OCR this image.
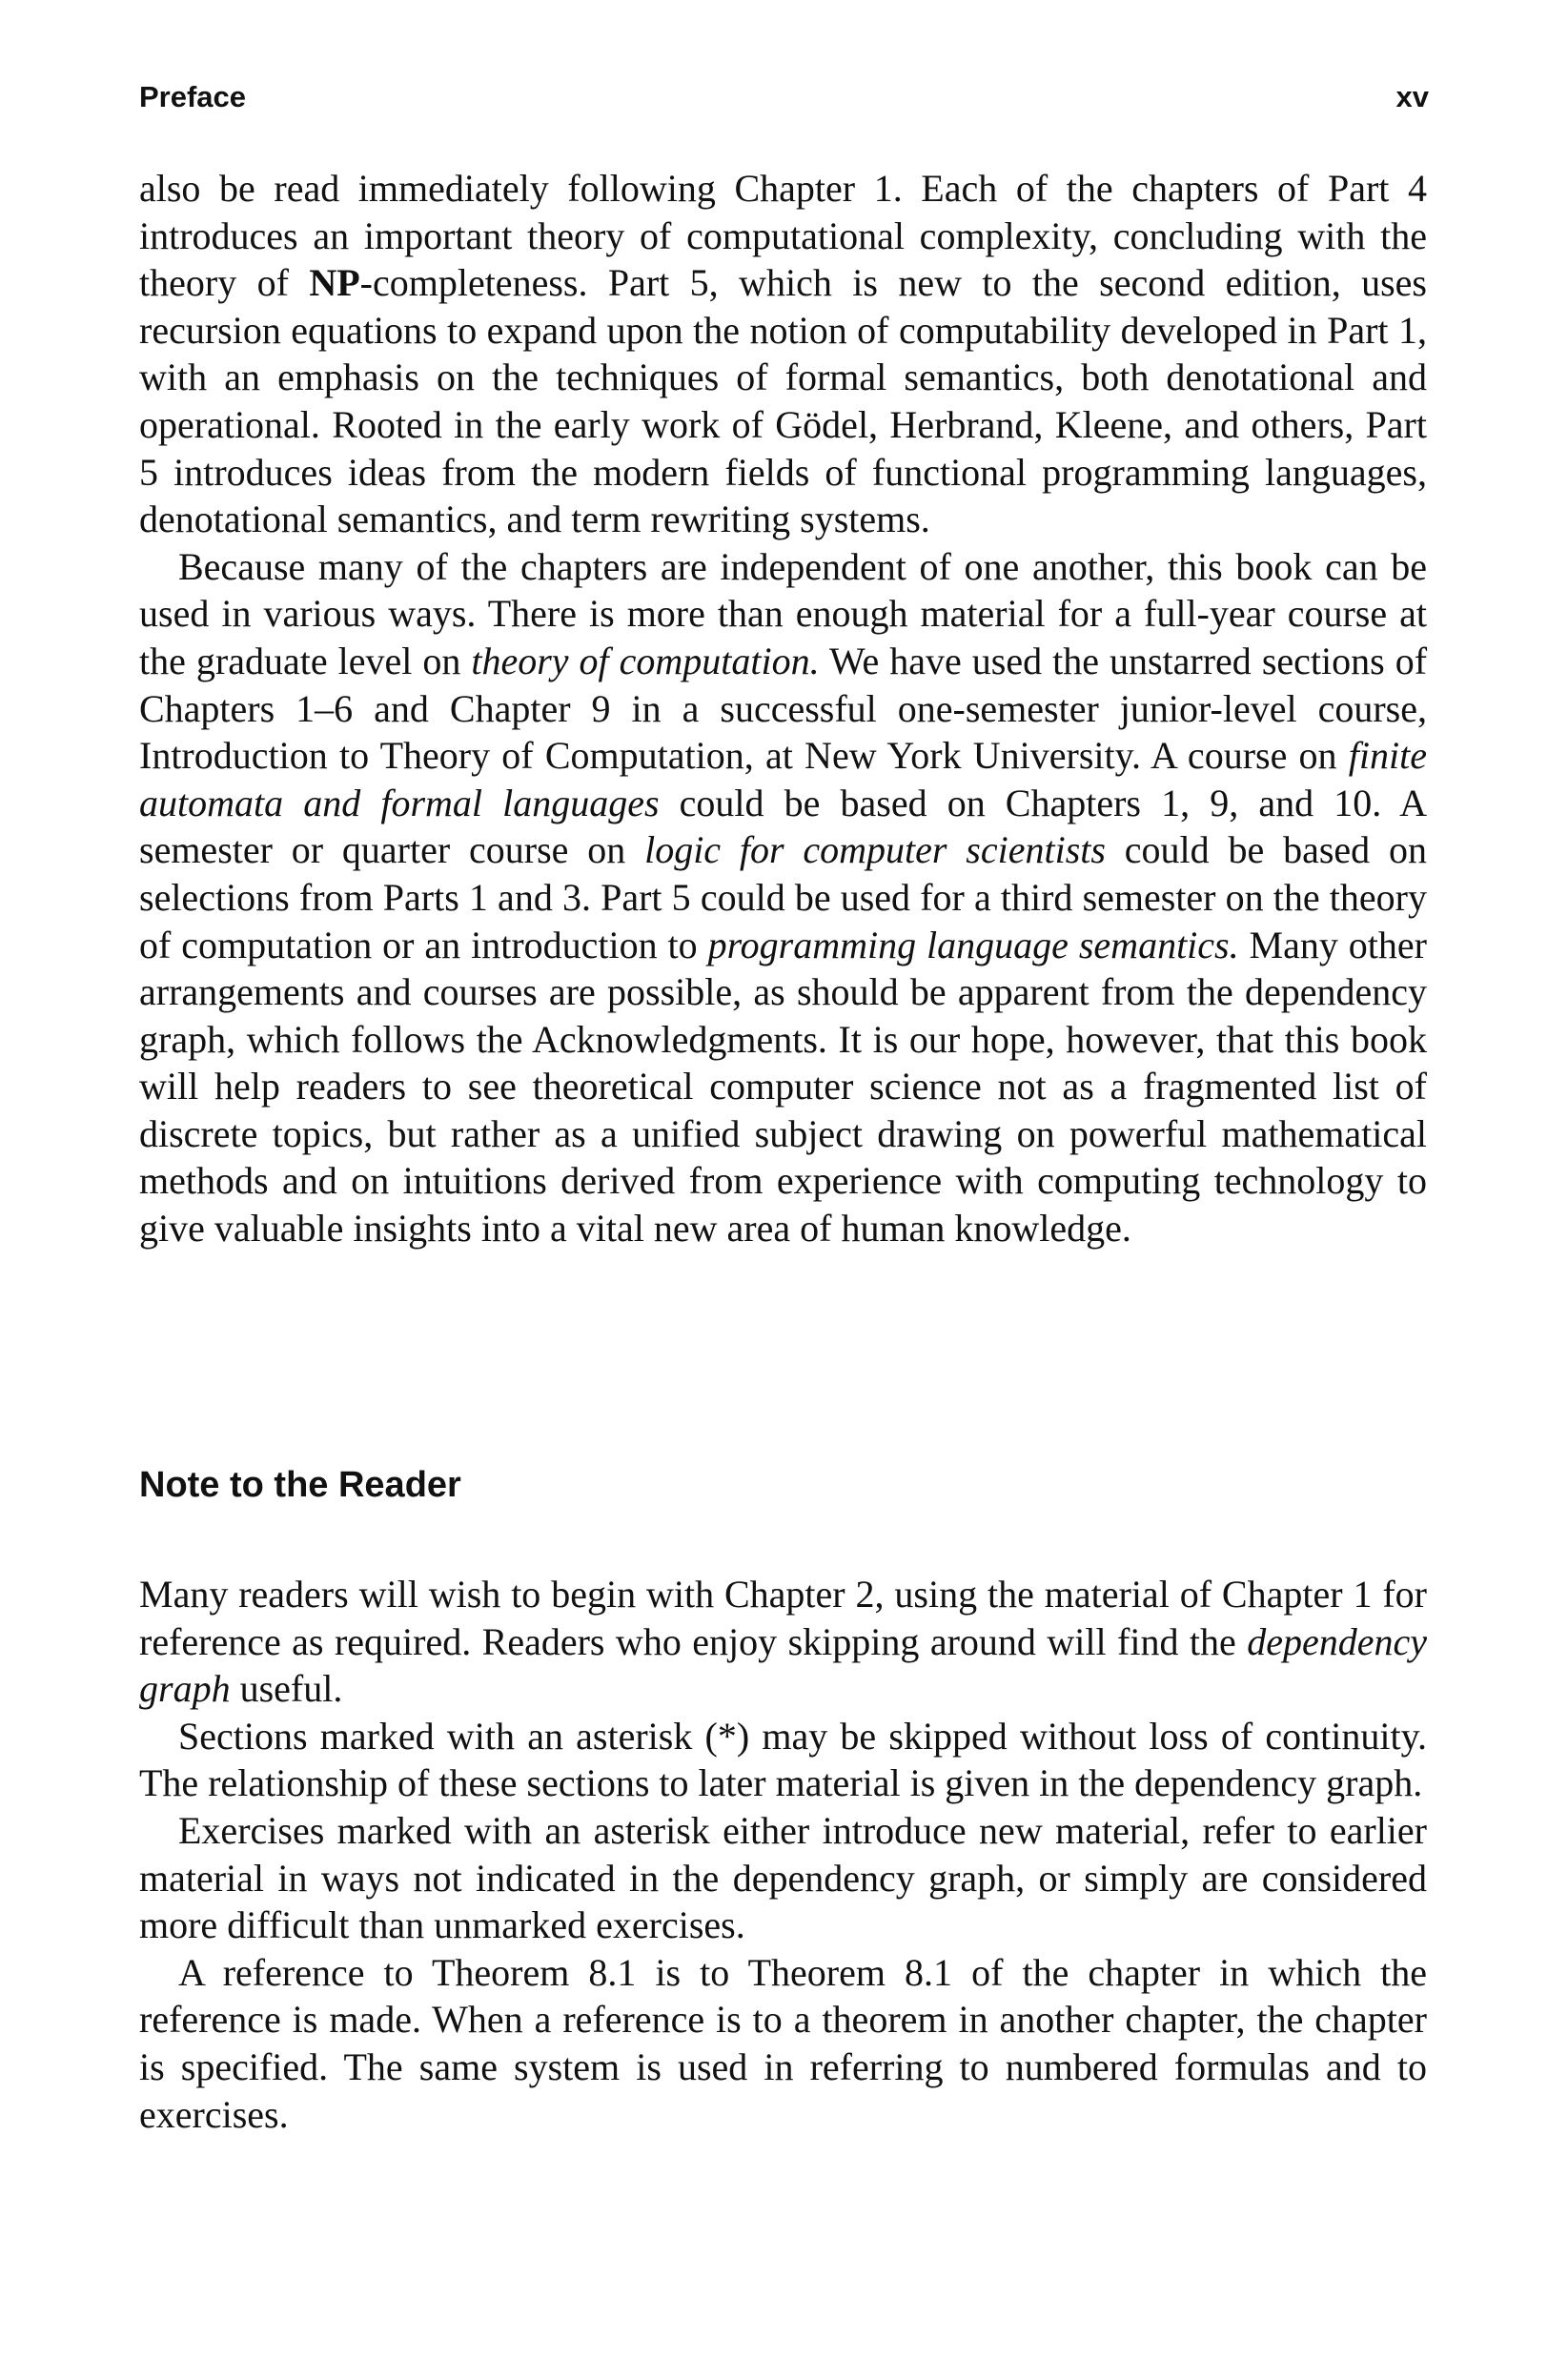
Preface	xv

also be read immediately following Chapter 1. Each of the chapters of Part 4 introduces an important theory of computational complexity, concluding with the theory of NP-completeness. Part 5, which is new to the second edition, uses recursion equations to expand upon the notion of computability developed in Part 1, with an emphasis on the techniques of formal semantics, both denotational and operational. Rooted in the early work of Gödel, Herbrand, Kleene, and others, Part 5 introduces ideas from the modern fields of functional programming languages, denotational semantics, and term rewriting systems.

Because many of the chapters are independent of one another, this book can be used in various ways. There is more than enough material for a full-year course at the graduate level on theory of computation. We have used the unstarred sections of Chapters 1–6 and Chapter 9 in a successful one-semester junior-level course, Introduction to Theory of Computation, at New York University. A course on finite automata and formal languages could be based on Chapters 1, 9, and 10. A semester or quarter course on logic for computer scientists could be based on selections from Parts 1 and 3. Part 5 could be used for a third semester on the theory of computation or an introduction to programming language semantics. Many other arrangements and courses are possible, as should be apparent from the dependency graph, which follows the Acknowledgments. It is our hope, however, that this book will help readers to see theoretical computer science not as a fragmented list of discrete topics, but rather as a unified subject drawing on powerful mathematical methods and on intuitions derived from experience with computing technology to give valuable insights into a vital new area of human knowledge.

Note to the Reader

Many readers will wish to begin with Chapter 2, using the material of Chapter 1 for reference as required. Readers who enjoy skipping around will find the dependency graph useful.

Sections marked with an asterisk (*) may be skipped without loss of continuity. The relationship of these sections to later material is given in the dependency graph.

Exercises marked with an asterisk either introduce new material, refer to earlier material in ways not indicated in the dependency graph, or simply are considered more difficult than unmarked exercises.

A reference to Theorem 8.1 is to Theorem 8.1 of the chapter in which the reference is made. When a reference is to a theorem in another chapter, the chapter is specified. The same system is used in referring to numbered formulas and to exercises.
